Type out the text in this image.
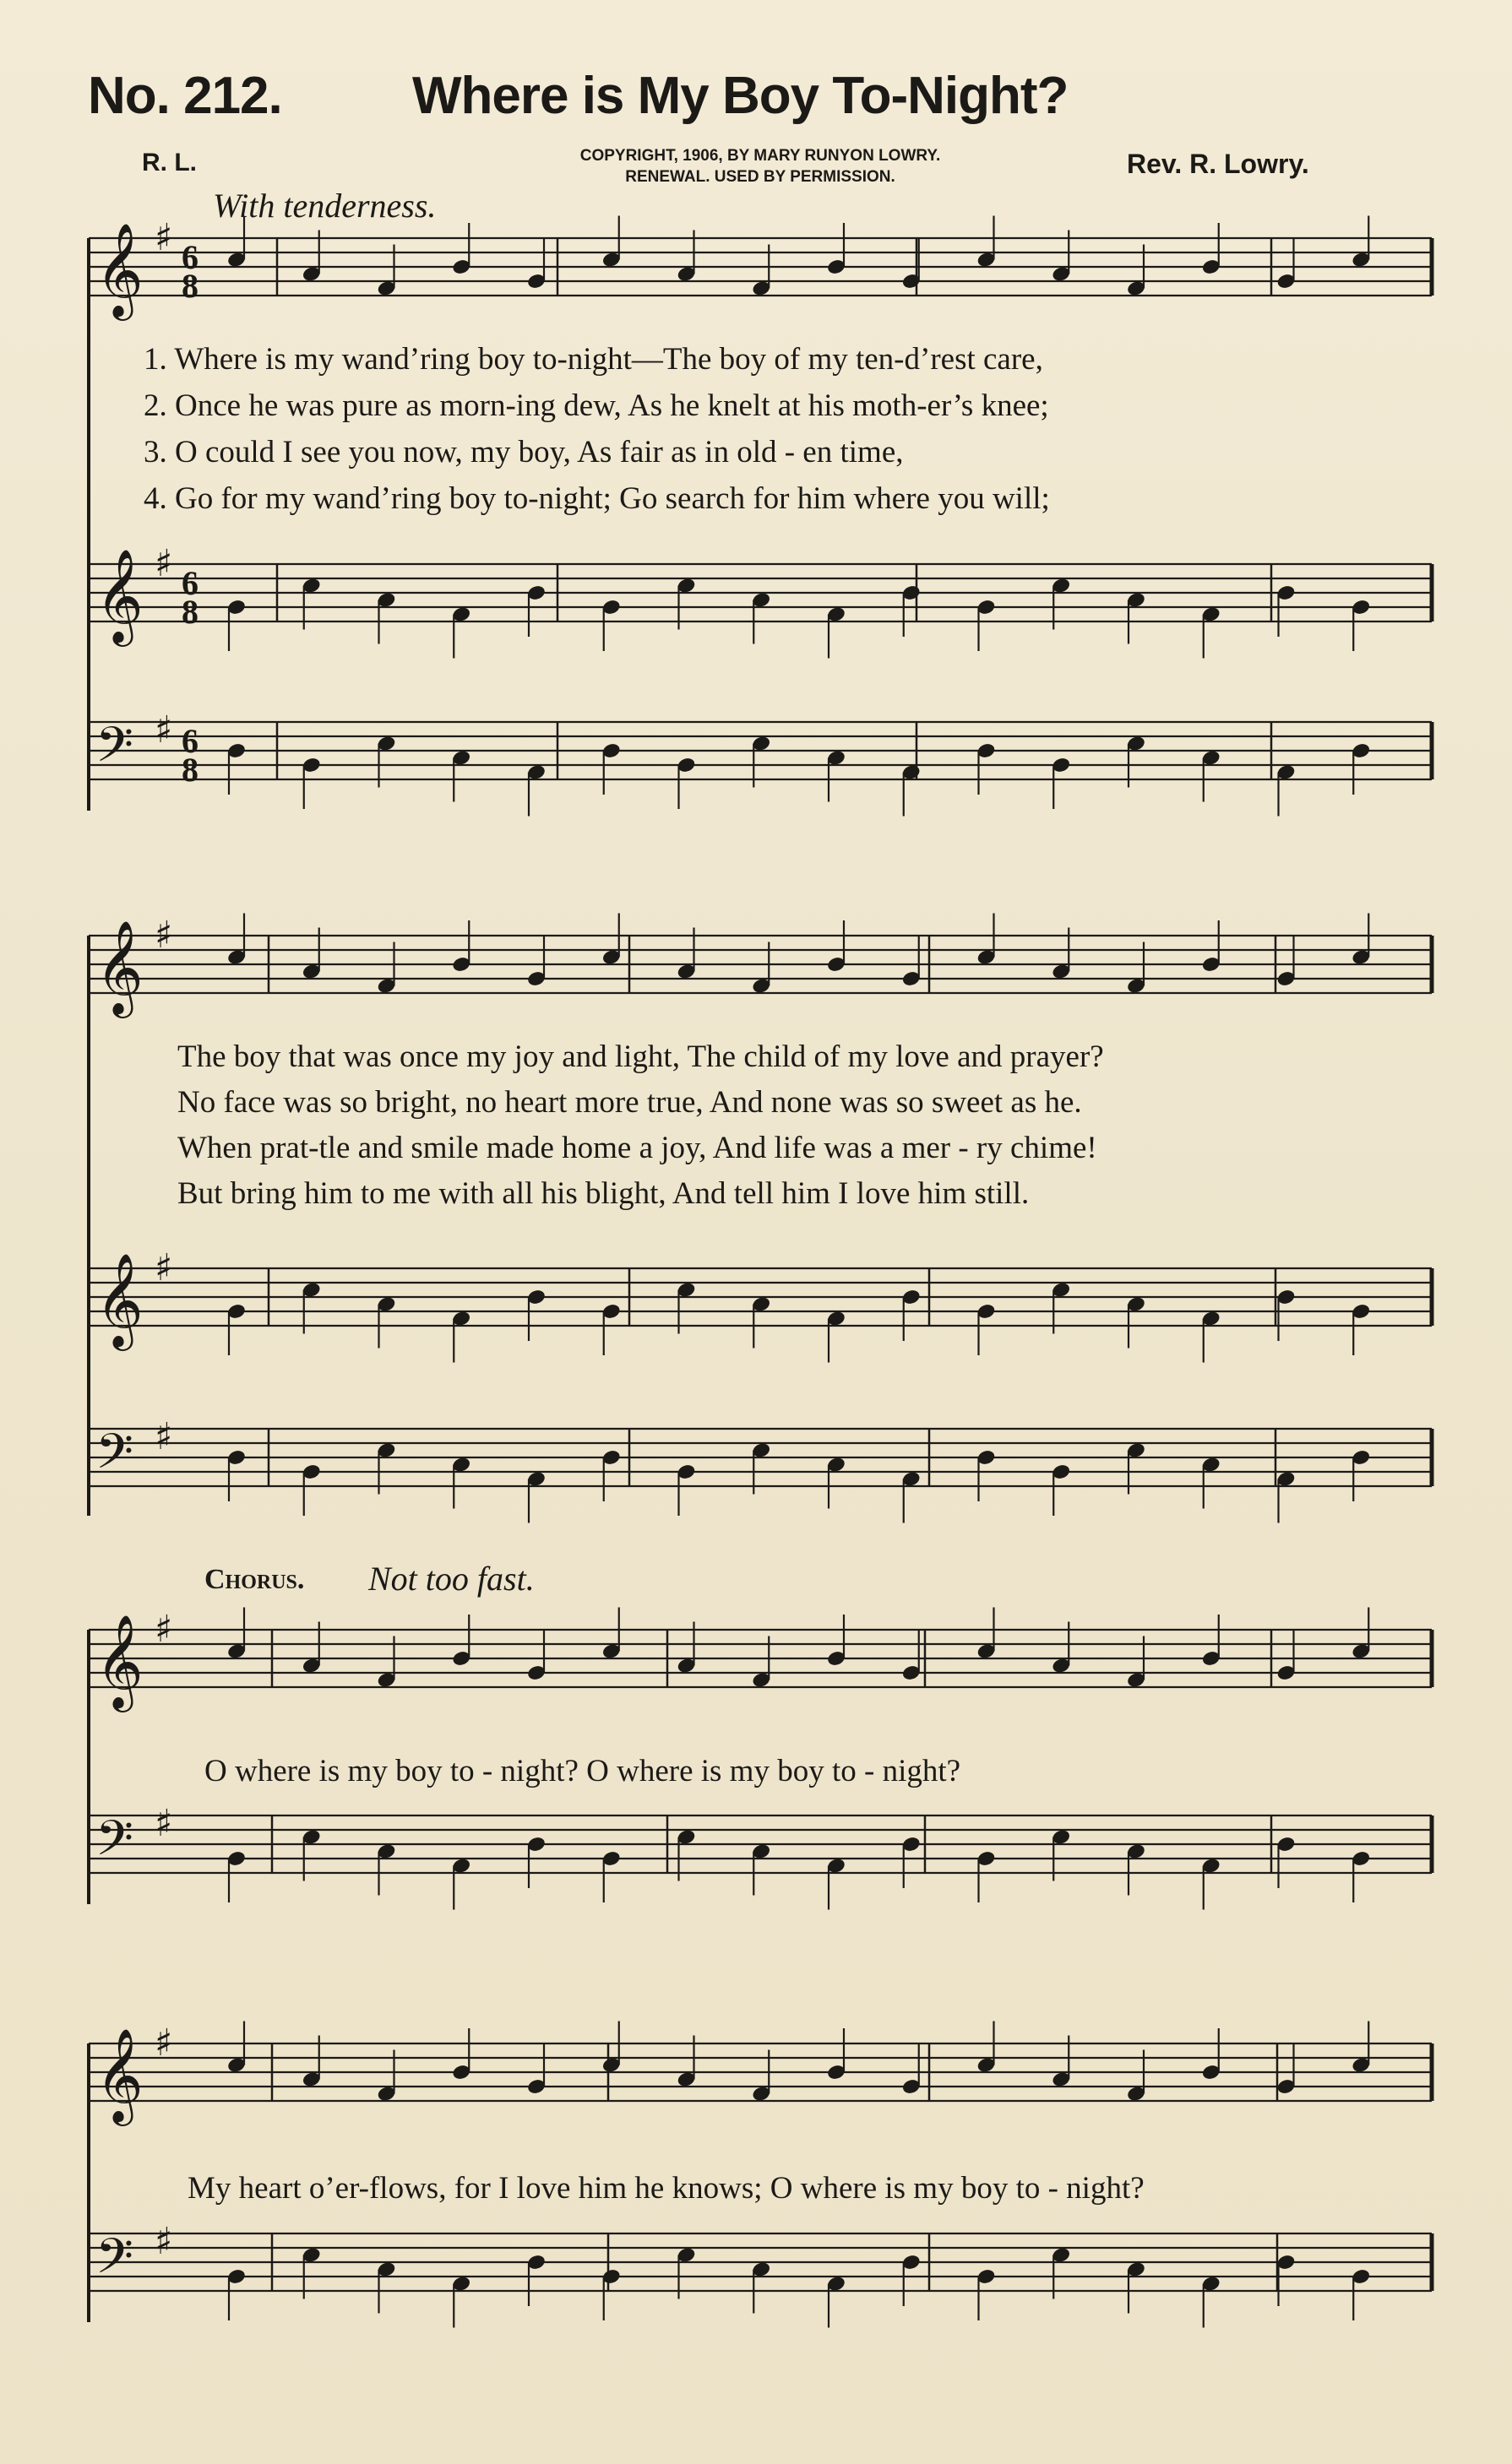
𝄞 ♯ 6
8
𝄞 ♯ 6
8
𝄢 ♯ 6
8
𝄞 ♯
𝄞 ♯
𝄢 ♯
𝄞 ♯
𝄢 ♯
𝄞 ♯
𝄢 ♯
No. 212. Where is My Boy To-Night?
R. L.	COPYRIGHT, 1906, BY MARY RUNYON LOWRY.
RENEWAL. USED BY PERMISSION.	Rev. R. Lowry.
With tenderness.
1. Where is my wand’ring boy to-night—The boy of my ten-d’rest care,
2. Once he was pure as morn-ing dew, As he knelt at his moth-er’s knee;
3. O could I see you now, my boy, As fair as in old - en time,
4. Go for my wand’ring boy to-night; Go search for him where you will;
The boy that was once my joy and light, The child of my love and prayer?
No face was so bright, no heart more true, And none was so sweet as he.
When prat-tle and smile made home a joy, And life was a mer - ry chime!
But bring him to me with all his blight, And tell him I love him still.
Chorus. Not too fast.
O where is my boy to - night? O where is my boy to - night?
My heart o’er-flows, for I love him he knows; O where is my boy to - night?
